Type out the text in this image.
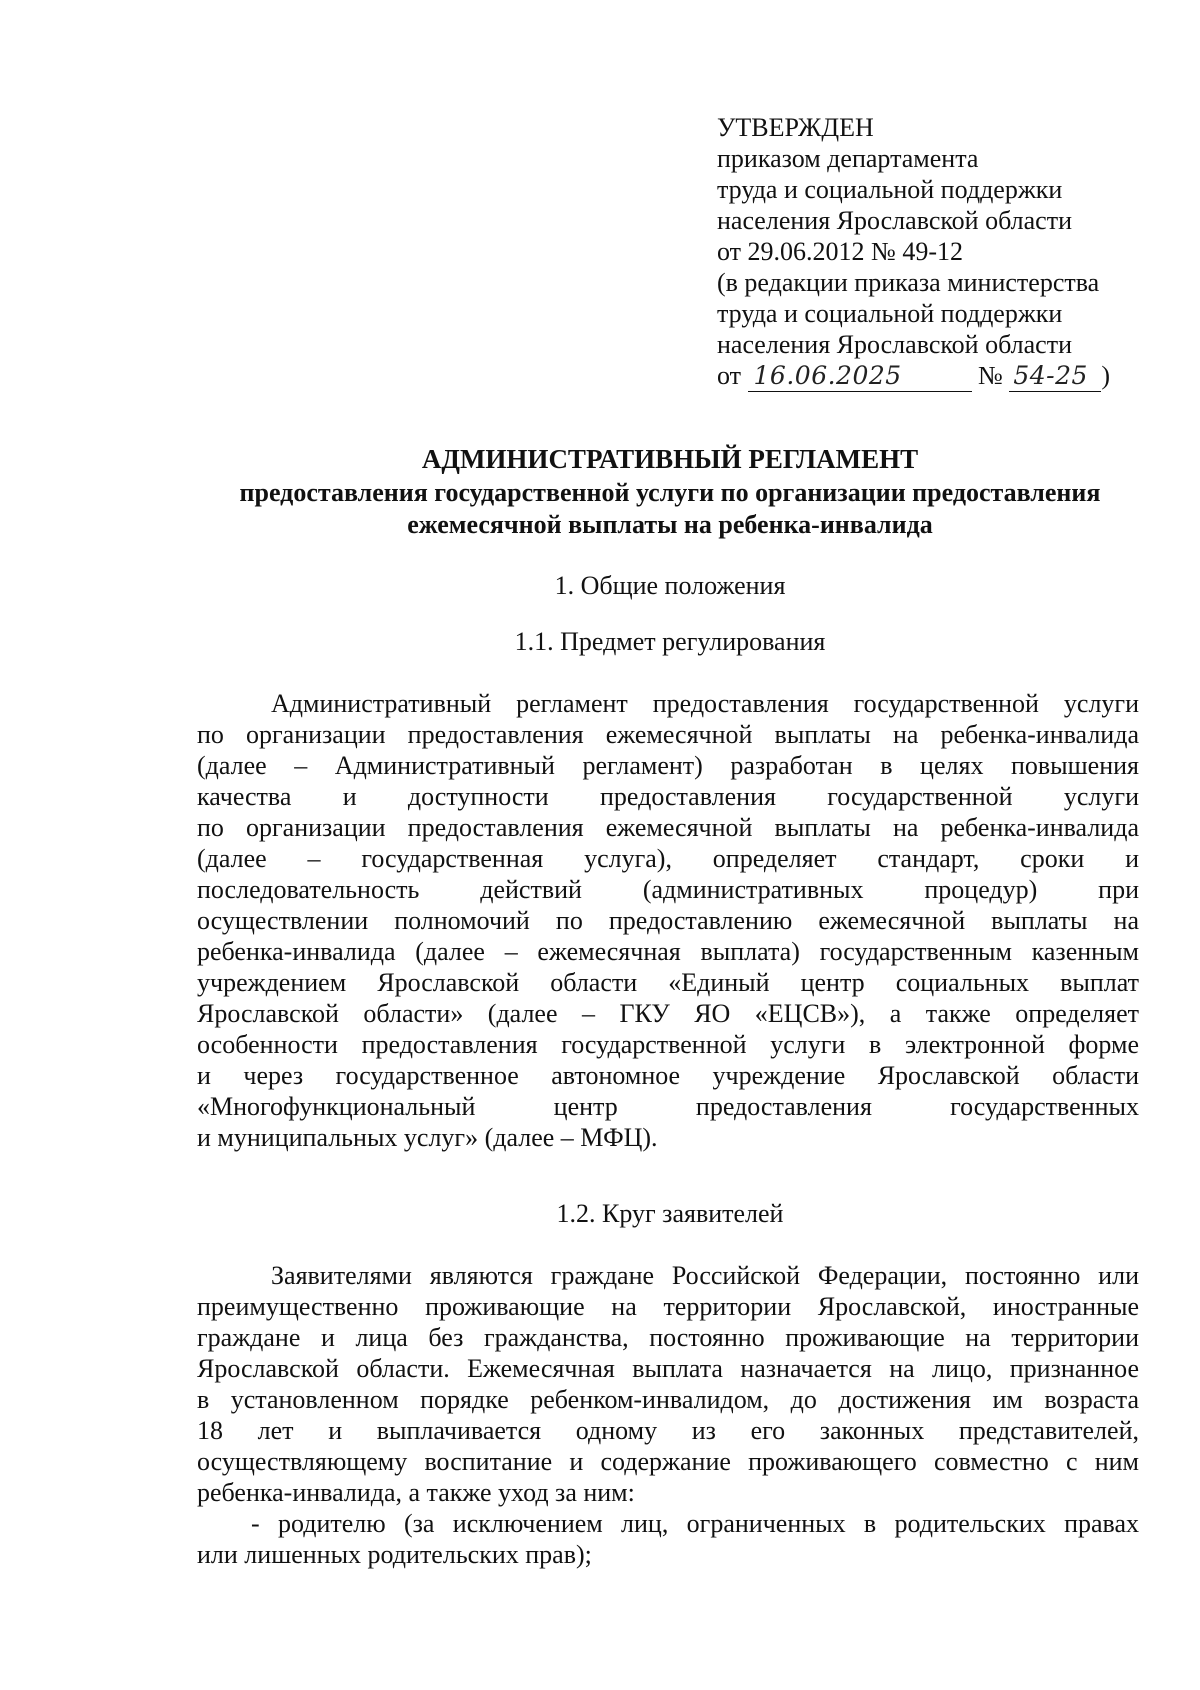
УТВЕРЖДЕН
приказом департамента
труда и социальной поддержки
населения Ярославской области
от 29.06.2012 № 49-12
(в редакции приказа министерства
труда и социальной поддержки
населения Ярославской области
от 16.06.2025	№ 54-25 )
АДМИНИСТРАТИВНЫЙ РЕГЛАМЕНТ
предоставления государственной услуги по организации предоставления
ежемесячной выплаты на ребенка-инвалида
1. Общие положения
1.1. Предмет регулирования
Административный регламент предоставления государственной услуги
по организации предоставления ежемесячной выплаты на ребенка-инвалида
(далее – Административный регламент) разработан в целях повышения
качества и доступности предоставления государственной услуги
по организации предоставления ежемесячной выплаты на ребенка-инвалида
(далее – государственная услуга), определяет стандарт, сроки и
последовательность действий (административных процедур) при
осуществлении полномочий по предоставлению ежемесячной выплаты на
ребенка-инвалида (далее – ежемесячная выплата) государственным казенным
учреждением Ярославской области «Единый центр социальных выплат
Ярославской области» (далее – ГКУ ЯО «ЕЦСВ»), а также определяет
особенности предоставления государственной услуги в электронной форме
и через государственное автономное учреждение Ярославской области
«Многофункциональный центр предоставления государственных
и муниципальных услуг» (далее – МФЦ).
1.2. Круг заявителей
Заявителями являются граждане Российской Федерации, постоянно или
преимущественно проживающие на территории Ярославской, иностранные
граждане и лица без гражданства, постоянно проживающие на территории
Ярославской области. Ежемесячная выплата назначается на лицо, признанное
в установленном порядке ребенком-инвалидом, до достижения им возраста
18 лет и выплачивается одному из его законных представителей,
осуществляющему воспитание и содержание проживающего совместно с ним
ребенка-инвалида, а также уход за ним:
- родителю (за исключением лиц, ограниченных в родительских правах
или лишенных родительских прав);
